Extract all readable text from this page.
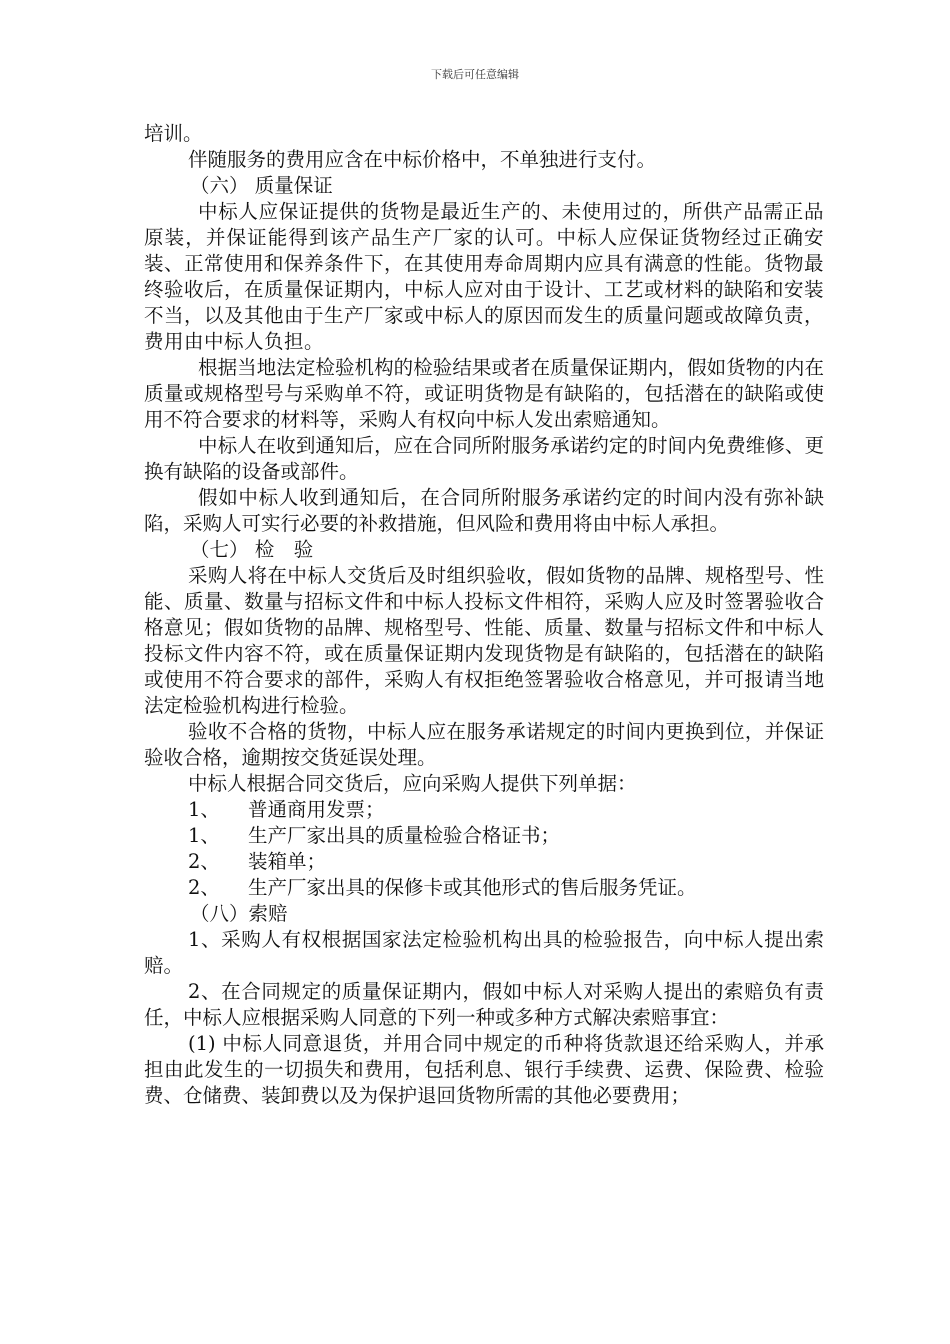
下载后可任意编辑

培训。

伴随服务的费用应含在中标价格中，不单独进行支付。

（六） 质量保证

中标人应保证提供的货物是最近生产的、未使用过的，所供产品需正品原装，并保证能得到该产品生产厂家的认可。中标人应保证货物经过正确安装、正常使用和保养条件下，在其使用寿命周期内应具有满意的性能。货物最终验收后，在质量保证期内，中标人应对由于设计、工艺或材料的缺陷和安装不当，以及其他由于生产厂家或中标人的原因而发生的质量问题或故障负责，费用由中标人负担。

根据当地法定检验机构的检验结果或者在质量保证期内，假如货物的内在质量或规格型号与采购单不符，或证明货物是有缺陷的，包括潜在的缺陷或使用不符合要求的材料等，采购人有权向中标人发出索赔通知。

中标人在收到通知后，应在合同所附服务承诺约定的时间内免费维修、更换有缺陷的设备或部件。

假如中标人收到通知后，在合同所附服务承诺约定的时间内没有弥补缺陷，采购人可实行必要的补救措施，但风险和费用将由中标人承担。

（七） 检　验

采购人将在中标人交货后及时组织验收，假如货物的品牌、规格型号、性能、质量、数量与招标文件和中标人投标文件相符，采购人应及时签署验收合格意见；假如货物的品牌、规格型号、性能、质量、数量与招标文件和中标人投标文件内容不符，或在质量保证期内发现货物是有缺陷的，包括潜在的缺陷或使用不符合要求的部件，采购人有权拒绝签署验收合格意见，并可报请当地法定检验机构进行检验。

验收不合格的货物，中标人应在服务承诺规定的时间内更换到位，并保证验收合格，逾期按交货延误处理。

中标人根据合同交货后，应向采购人提供下列单据：

1、	普通商用发票；

1、	生产厂家出具的质量检验合格证书；

2、	装箱单；

2、	生产厂家出具的保修卡或其他形式的售后服务凭证。

（八）索赔

1、采购人有权根据国家法定检验机构出具的检验报告，向中标人提出索赔。

2、在合同规定的质量保证期内，假如中标人对采购人提出的索赔负有责任，中标人应根据采购人同意的下列一种或多种方式解决索赔事宜：

(1) 中标人同意退货，并用合同中规定的币种将货款退还给采购人，并承担由此发生的一切损失和费用，包括利息、银行手续费、运费、保险费、检验费、仓储费、装卸费以及为保护退回货物所需的其他必要费用；
